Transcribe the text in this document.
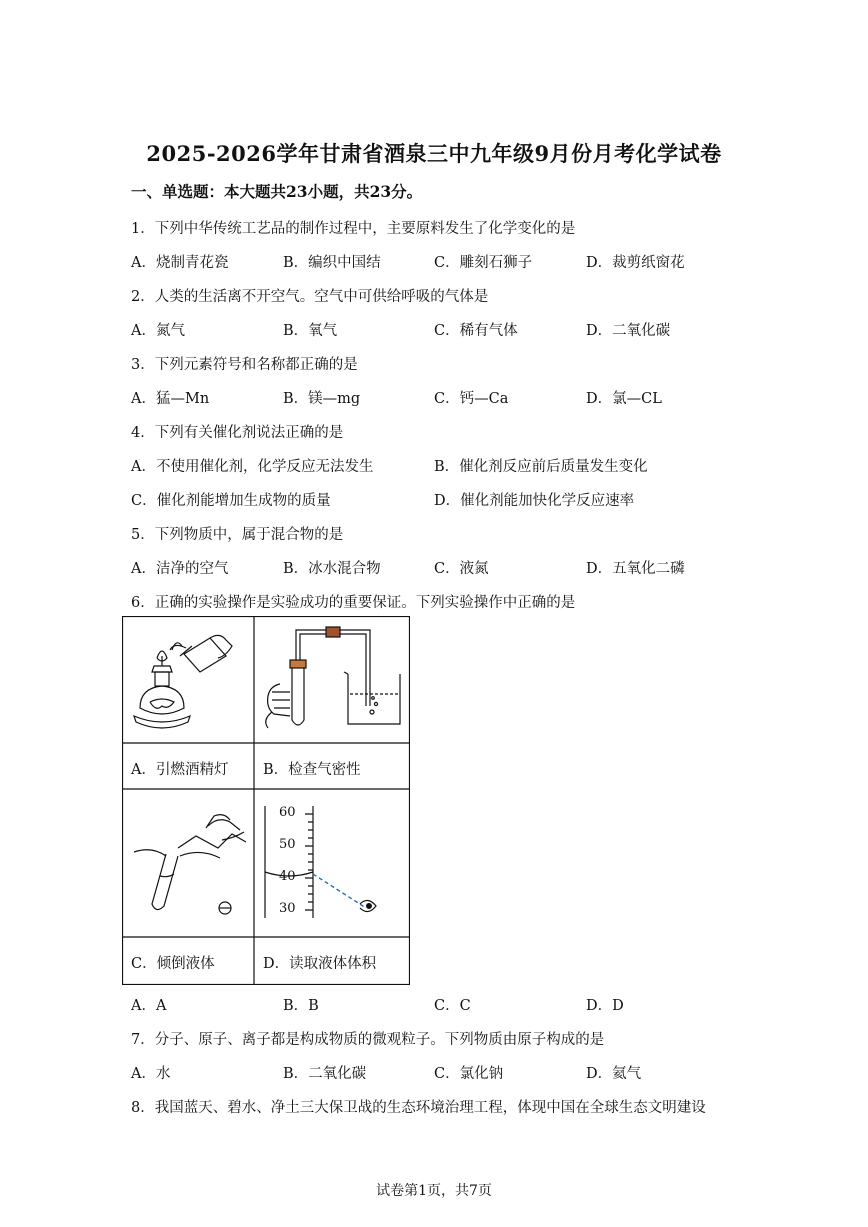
2025-2026学年甘肃省酒泉三中九年级9月份月考化学试卷
一、单选题：本大题共23小题，共23分。
1．下列中华传统工艺品的制作过程中，主要原料发生了化学变化的是
A．烧制青花瓷	B．编织中国结	C．雕刻石狮子	D．裁剪纸窗花
2．人类的生活离不开空气。空气中可供给呼吸的气体是
A．氮气	B．氧气	C．稀有气体	D．二氧化碳
3．下列元素符号和名称都正确的是
A．猛—Mn	B．镁—mg	C．钙—Ca	D．氯—CL
4．下列有关催化剂说法正确的是
A．不使用催化剂，化学反应无法发生	B．催化剂反应前后质量发生变化
C．催化剂能增加生成物的质量	D．催化剂能加快化学反应速率
5．下列物质中，属于混合物的是
A．洁净的空气	B．冰水混合物	C．液氮	D．五氧化二磷
6．正确的实验操作是实验成功的重要保证。下列实验操作中正确的是
A．引燃酒精灯 B．检查气密性
C．倾倒液体	D．读取液体体积
60
50
40
30
A．A	B．B	C．C	D．D
7．分子、原子、离子都是构成物质的微观粒子。下列物质由原子构成的是
A．水	B．二氧化碳	C．氯化钠	D．氦气
8．我国蓝天、碧水、净土三大保卫战的生态环境治理工程，体现中国在全球生态文明建设
试卷第1页，共7页
